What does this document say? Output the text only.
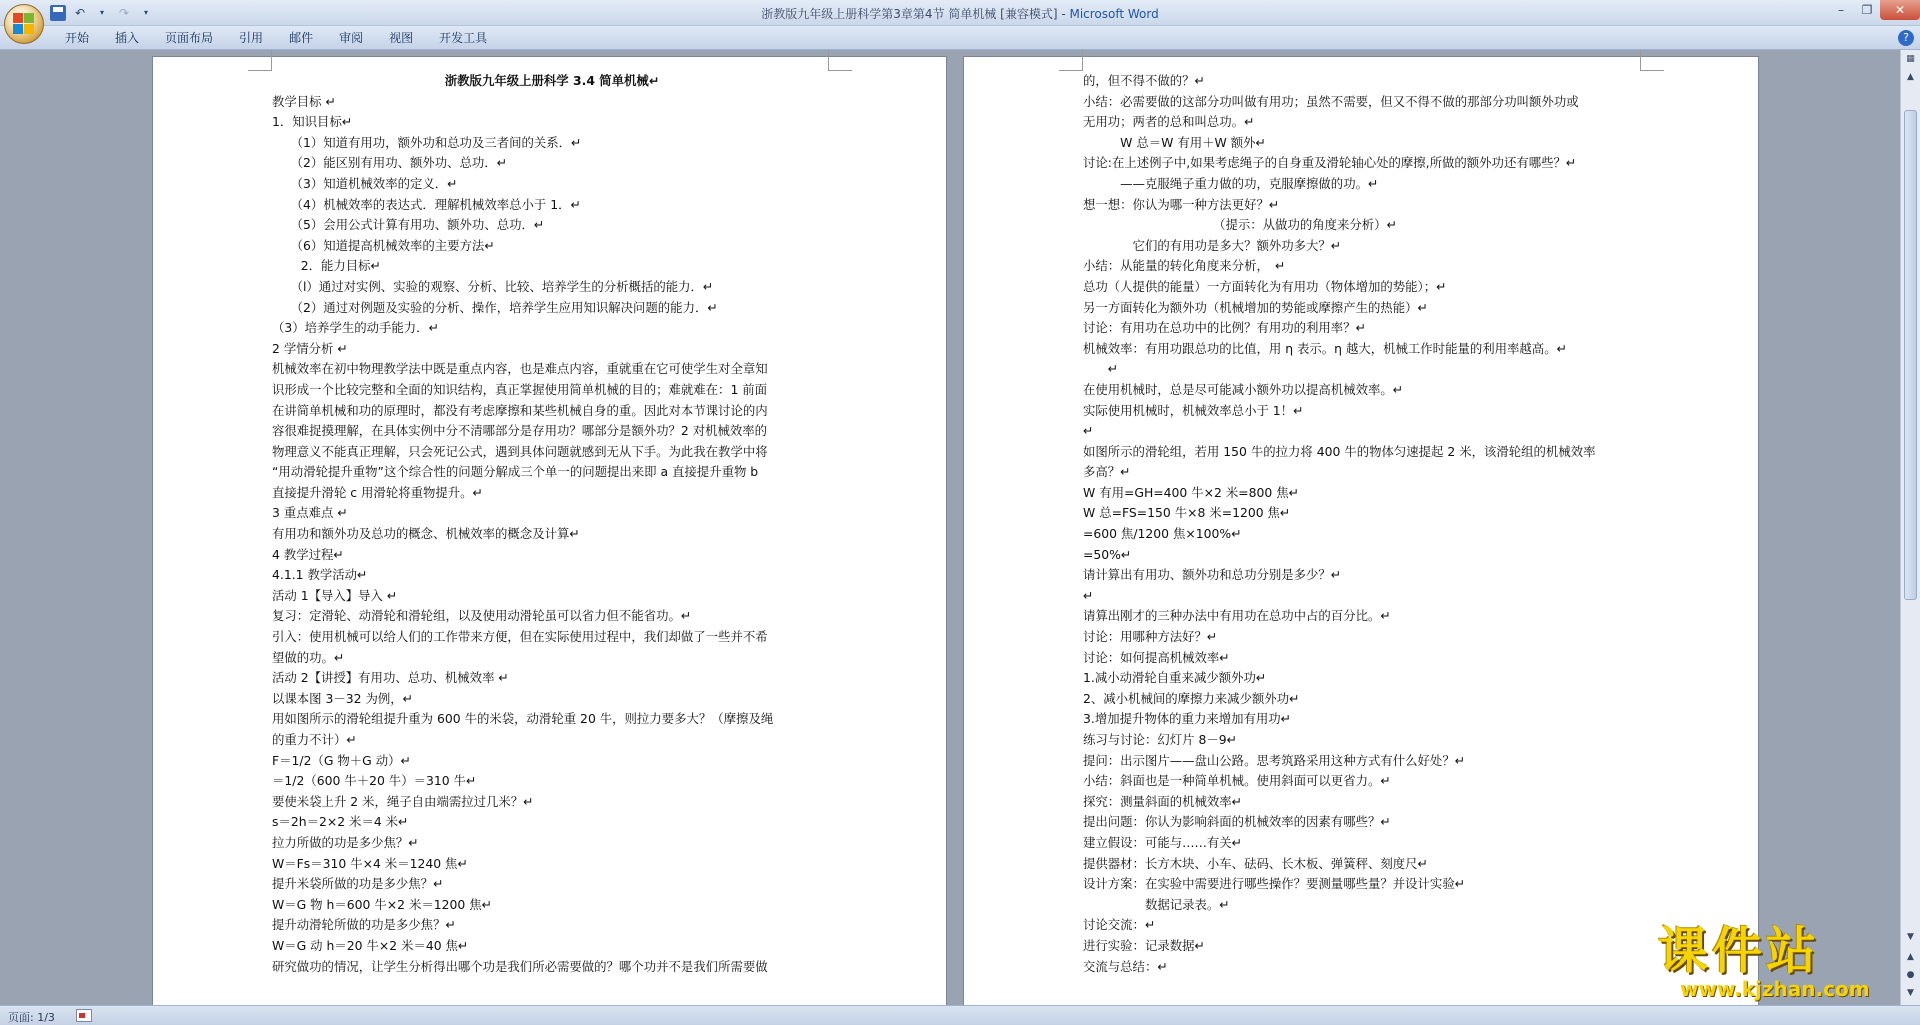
↶	▾	↷	▾	浙教版九年级上册科学第3章第4节 简单机械 [兼容模式] - Microsoft Word	–	❐	✕
开始	插入	页面布局	引用	邮件	审阅	视图	开发工具	?
浙教版九年级上册科学 3.4 简单机械↵
教学目标 ↵
1．知识目标↵
　　（1）知道有用功，额外功和总功及三者间的关系．↵
　　（2）能区别有用功、额外功、总功．↵
　　（3）知道机械效率的定义．↵
　　（4）机械效率的表达式．理解机械效率总小于 1．↵
　　（5）会用公式计算有用功、额外功、总功．↵
　　（6）知道提高机械效率的主要方法↵
　　 2．能力目标↵
　　（l）通过对实例、实验的观察、分析、比较、培养学生的分析概括的能力．↵
　　（2）通过对例题及实验的分析、操作，培养学生应用知识解决问题的能力．↵
（3）培养学生的动手能力．↵
2 学情分析 ↵
机械效率在初中物理教学法中既是重点内容，也是难点内容，重就重在它可使学生对全章知
识形成一个比较完整和全面的知识结构，真正掌握使用简单机械的目的；难就难在：1 前面
在讲简单机械和功的原理时，都没有考虑摩擦和某些机械自身的重。因此对本节课讨论的内
容很难捉摸理解，在具体实例中分不清哪部分是存用功？哪部分是额外功？2 对机械效率的
物理意义不能真正理解，只会死记公式，遇到具体问题就感到无从下手。为此我在教学中将
“用动滑轮提升重物”这个综合性的问题分解成三个单一的问题提出来即 a 直接提升重物 b
直接提升滑轮 c 用滑轮将重物提升。↵
3 重点难点 ↵
有用功和额外功及总功的概念、机械效率的概念及计算↵
4 教学过程↵
4.1.1 教学活动↵
活动 1【导入】导入 ↵
复习：定滑轮、动滑轮和滑轮组，以及使用动滑轮虽可以省力但不能省功。↵
引入：使用机械可以给人们的工作带来方便，但在实际使用过程中，我们却做了一些并不希
望做的功。↵
活动 2【讲授】有用功、总功、机械效率 ↵
以课本图 3－32 为例，↵
用如图所示的滑轮组提升重为 600 牛的米袋，动滑轮重 20 牛，则拉力要多大？（摩擦及绳
的重力不计）↵
F＝1/2（G 物＋G 动）↵
＝1/2（600 牛＋20 牛）＝310 牛↵
要使米袋上升 2 米，绳子自由端需拉过几米？↵
s＝2h＝2×2 米＝4 米↵
拉力所做的功是多少焦？↵
W＝Fs＝310 牛×4 米＝1240 焦↵
提升米袋所做的功是多少焦？↵
W＝G 物 h＝600 牛×2 米＝1200 焦↵
提升动滑轮所做的功是多少焦？↵
W＝G 动 h＝20 牛×2 米＝40 焦↵
研究做功的情况，让学生分析得出哪个功是我们所必需要做的？哪个功并不是我们所需要做
的，但不得不做的？↵
小结：必需要做的这部分功叫做有用功；虽然不需要，但又不得不做的那部分功叫额外功或
无用功；两者的总和叫总功。↵
　　　W 总＝W 有用＋W 额外↵
讨论:在上述例子中,如果考虑绳子的自身重及滑轮轴心处的摩擦,所做的额外功还有哪些？↵
　　　——克服绳子重力做的功，克服摩擦做的功。↵
想一想：你认为哪一种方法更好？↵
　　　　　　　　　　　（提示：从做功的角度来分析）↵
　　　　它们的有用功是多大？额外功多大？↵
小结：从能量的转化角度来分析，　↵
总功（人提供的能量）一方面转化为有用功（物体增加的势能）；↵
另一方面转化为额外功（机械增加的势能或摩擦产生的热能）↵
讨论：有用功在总功中的比例？有用功的利用率？↵
机械效率：有用功跟总功的比值，用 η 表示。η 越大，机械工作时能量的利用率越高。↵
　　↵
在使用机械时，总是尽可能减小额外功以提高机械效率。↵
实际使用机械时，机械效率总小于 1！↵
↵
如图所示的滑轮组，若用 150 牛的拉力将 400 牛的物体匀速提起 2 米，该滑轮组的机械效率
多高？↵
W 有用=GH=400 牛×2 米=800 焦↵
W 总=FS=150 牛×8 米=1200 焦↵
=600 焦/1200 焦×100%↵
=50%↵
请计算出有用功、额外功和总功分别是多少？↵
↵
请算出刚才的三种办法中有用功在总功中占的百分比。↵
讨论：用哪种方法好？↵
讨论：如何提高机械效率↵
1.减小动滑轮自重来减少额外功↵
2、减小机械间的摩擦力来减少额外功↵
3.增加提升物体的重力来增加有用功↵
练习与讨论：幻灯片 8－9↵
提问：出示图片——盘山公路。思考筑路采用这种方式有什么好处？↵
小结：斜面也是一种简单机械。使用斜面可以更省力。↵
探究：测量斜面的机械效率↵
提出问题：你认为影响斜面的机械效率的因素有哪些？↵
建立假设：可能与……有关↵
提供器材：长方木块、小车、砝码、长木板、弹簧秤、刻度尺↵
设计方案：在实验中需要进行哪些操作？要测量哪些量？并设计实验↵
　　　　　数据记录表。↵
讨论交流：↵
进行实验：记录数据↵
交流与总结：↵
▦
▲
▼
▲
●
▼
页面: 1/3
课件站
www.kjzhan.com
